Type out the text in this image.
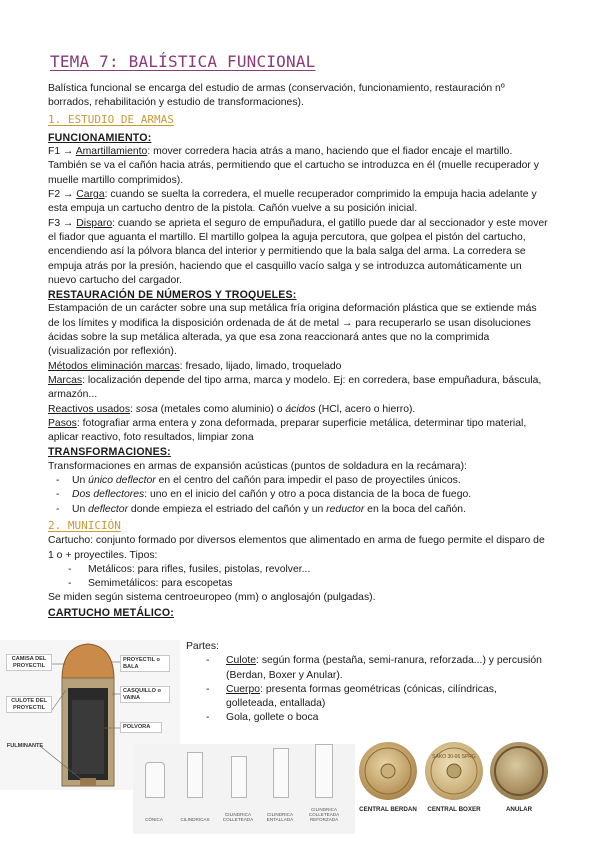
TEMA 7: BALÍSTICA FUNCIONAL

Balística funcional se encarga del estudio de armas (conservación, funcionamiento, restauración nº borrados, rehabilitación y estudio de transformaciones).

1. ESTUDIO DE ARMAS

FUNCIONAMIENTO:

F1 → Amartillamiento: mover corredera hacia atrás a mano, haciendo que el fiador encaje el martillo. También se va el cañón hacia atrás, permitiendo que el cartucho se introduzca en él (muelle recuperador y muelle martillo comprimidos).

F2 → Carga: cuando se suelta la corredera, el muelle recuperador comprimido la empuja hacia adelante y esta empuja un cartucho dentro de la pistola. Cañón vuelve a su posición inicial.

F3 → Disparo: cuando se aprieta el seguro de empuñadura, el gatillo puede dar al seccionador y este mover el fiador que aguanta el martillo. El martillo golpea la aguja percutora, que golpea el pistón del cartucho, encendiendo así la pólvora blanca del interior y permitiendo que la bala salga del arma. La corredera se empuja atrás por la presión, haciendo que el casquillo vacío salga y se introduzca automáticamente un nuevo cartucho del cargador.

RESTAURACIÓN DE NÚMEROS Y TROQUELES:

Estampación de un carácter sobre una sup metálica fría origina deformación plástica que se extiende más de los límites y modifica la disposición ordenada de át de metal → para recuperarlo se usan disoluciones ácidas sobre la sup metálica alterada, ya que esa zona reaccionará antes que no la comprimida (visualización por reflexión).

Métodos eliminación marcas: fresado, lijado, limado, troquelado

Marcas: localización depende del tipo arma, marca y modelo. Ej: en corredera, base empuñadura, báscula, armazón...

Reactivos usados: sosa (metales como aluminio) o ácidos (HCl, acero o hierro).

Pasos: fotografiar arma entera y zona deformada, preparar superficie metálica, determinar tipo material, aplicar reactivo, foto resultados, limpiar zona

TRANSFORMACIONES:

Transformaciones en armas de expansión acústicas (puntos de soldadura en la recámara):

- Un único deflector en el centro del cañón para impedir el paso de proyectiles únicos.
- Dos deflectores: uno en el inicio del cañón y otro a poca distancia de la boca de fuego.
- Un deflector donde empieza el estriado del cañón y un reductor en la boca del cañón.

2. MUNICIÓN

Cartucho: conjunto formado por diversos elementos que alimentado en arma de fuego permite el disparo de 1 o + proyectiles. Tipos:

- Metálicos: para rifles, fusiles, pistolas, revolver...
- Semimetálicos: para escopetas

Se miden según sistema centroeuropeo (mm) o anglosajón (pulgadas).

CARTUCHO METÁLICO:

CAMISA DEL PROYECTIL
CULOTE DEL PROYECTIL
FULMINANTE
PROYECTIL o BALA
CASQUILLO o VAINA
POLVORA

Partes:

- Culote: según forma (pestaña, semi-ranura, reforzada...) y percusión (Berdan, Boxer y Anular).
- Cuerpo: presenta formas geométricas (cónicas, cilíndricas, golleteada, entallada)
- Gola, gollete o boca
CÓNICA	CILINDRICAS
CILINDRICA COLLETEADA
CILINDRICA ENTALLADA
CILINDRICA COLLETEADA REFORZADA
SAKO 30-06 SPRG
CENTRAL BERDAN	CENTRAL BOXER	ANULAR
